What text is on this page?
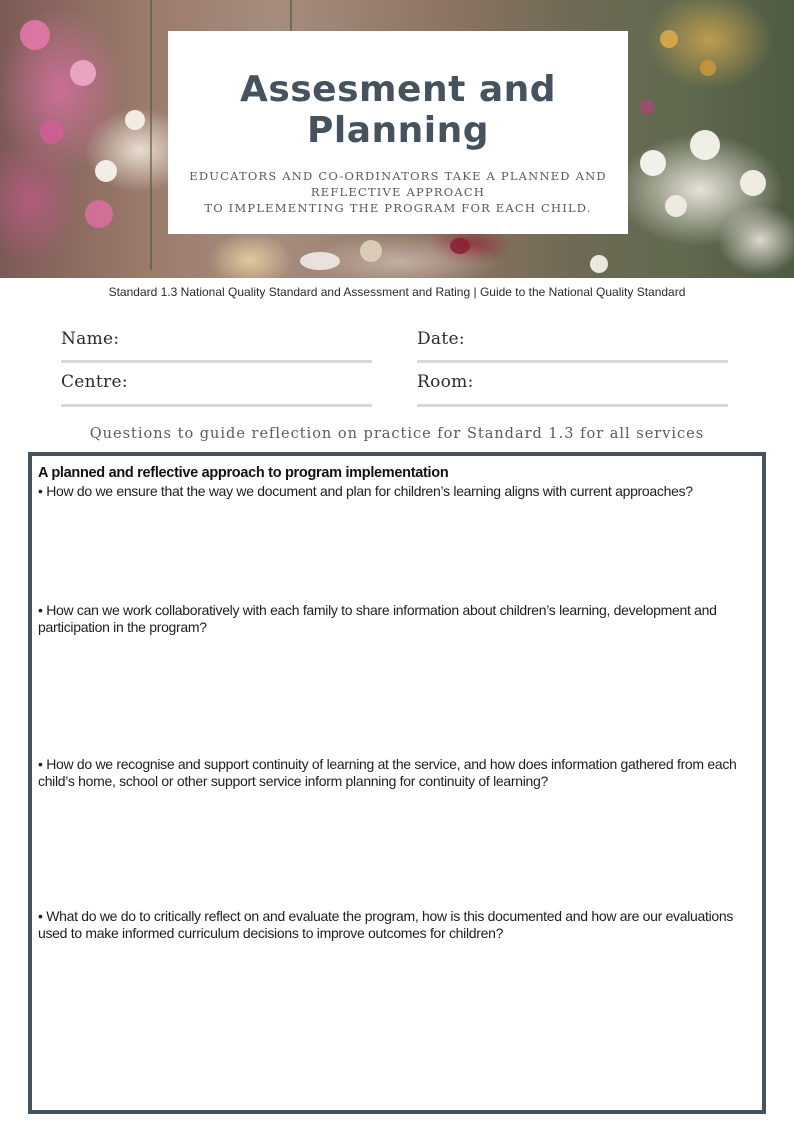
Assesment and
Planning
EDUCATORS AND CO-ORDINATORS TAKE A PLANNED AND
REFLECTIVE APPROACH
TO IMPLEMENTING THE PROGRAM FOR EACH CHILD.
Standard 1.3 National Quality Standard and Assessment and Rating | Guide to the National Quality Standard
Name:	Date:
Centre:	Room:
Questions to guide reflection on practice for Standard 1.3 for all services
A planned and reflective approach to program implementation
• How do we ensure that the way we document and plan for children’s learning aligns with current approaches?
• How can we work collaboratively with each family to share information about children’s learning, development and participation in the program?
• How do we recognise and support continuity of learning at the service, and how does information gathered from each child’s home, school or other support service inform planning for continuity of learning?
• What do we do to critically reflect on and evaluate the program, how is this documented and how are our evaluations used to make informed curriculum decisions to improve outcomes for children?
